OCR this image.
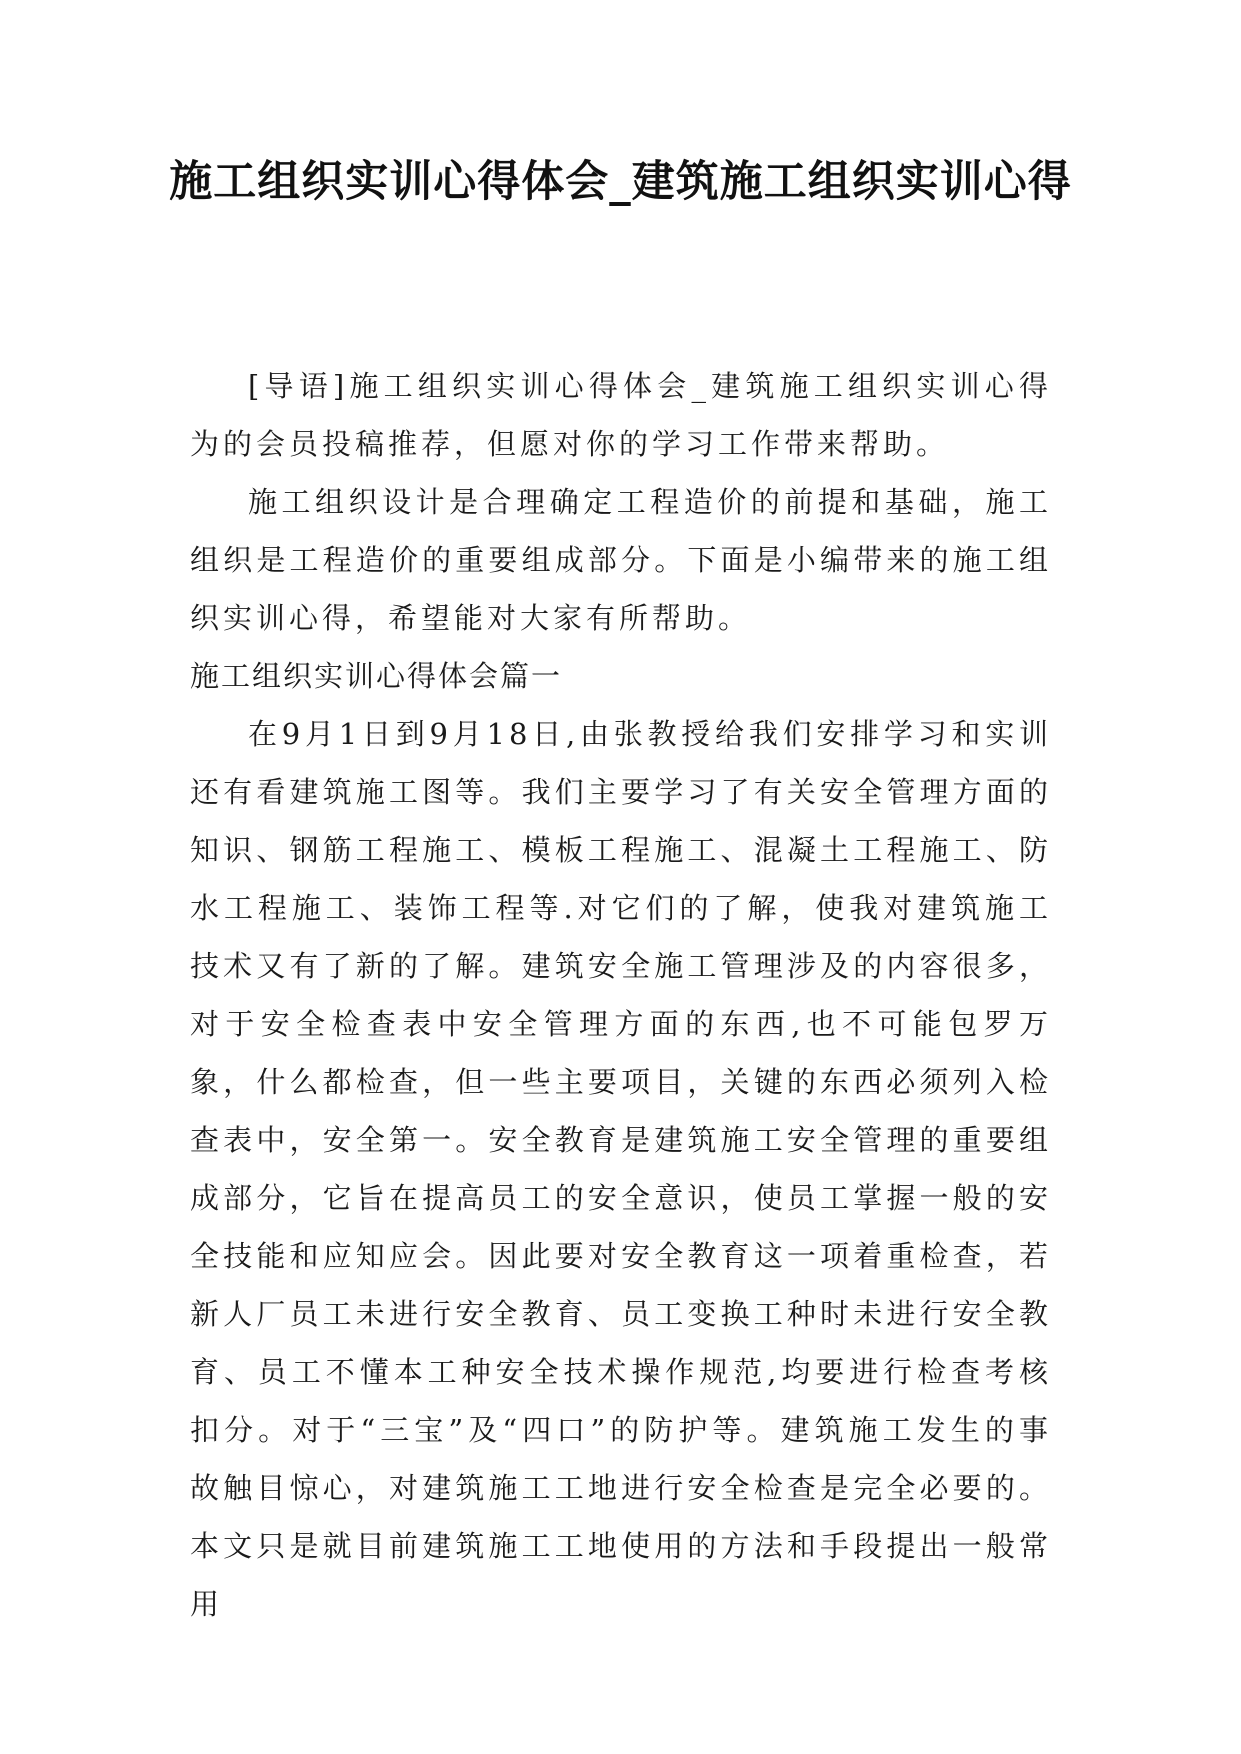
施工组织实训心得体会_建筑施工组织实训心得

[导语]施工组织实训心得体会_建筑施工组织实训心得为的会员投稿推荐，但愿对你的学习工作带来帮助。

施工组织设计是合理确定工程造价的前提和基础，施工组织是工程造价的重要组成部分。下面是小编带来的施工组织实训心得，希望能对大家有所帮助。

施工组织实训心得体会篇一

在9月1日到9月18日,由张教授给我们安排学习和实训还有看建筑施工图等。我们主要学习了有关安全管理方面的知识、钢筋工程施工、模板工程施工、混凝土工程施工、防水工程施工、装饰工程等.对它们的了解，使我对建筑施工技术又有了新的了解。建筑安全施工管理涉及的内容很多，对于安全检查表中安全管理方面的东西,也不可能包罗万象，什么都检查，但一些主要项目，关键的东西必须列入检查表中，安全第一。安全教育是建筑施工安全管理的重要组成部分，它旨在提高员工的安全意识，使员工掌握一般的安全技能和应知应会。因此要对安全教育这一项着重检查，若新人厂员工未进行安全教育、员工变换工种时未进行安全教育、员工不懂本工种安全技术操作规范,均要进行检查考核扣分。对于“三宝”及“四口”的防护等。建筑施工发生的事故触目惊心，对建筑施工工地进行安全检查是完全必要的。本文只是就目前建筑施工工地使用的方法和手段提出一般常用
